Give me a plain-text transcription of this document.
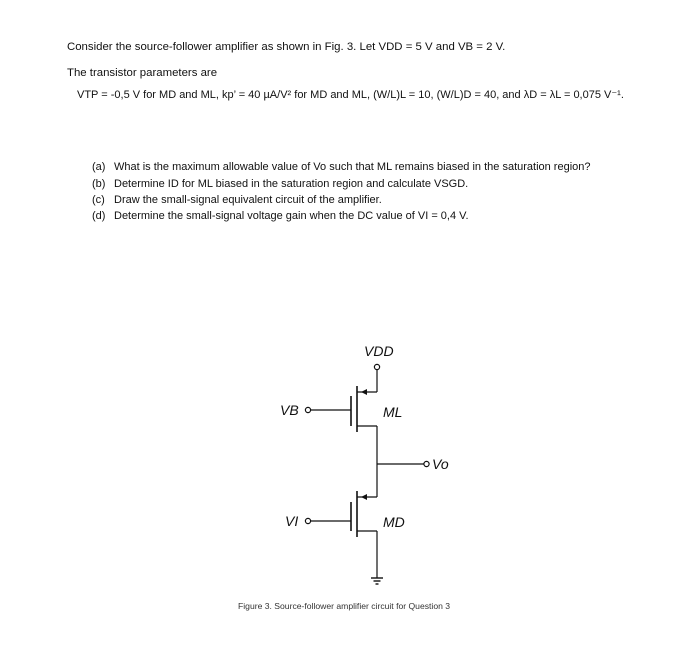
Consider the source-follower amplifier as shown in Fig. 3. Let VDD = 5 V and VB = 2 V.
The transistor parameters are
VTP = -0,5 V for MD and ML, kp’ = 40 µA/V² for MD and ML, (W/L)L = 10, (W/L)D = 40, and λD = λL = 0,075 V⁻¹.
(a) What is the maximum allowable value of Vo such that ML remains biased in the saturation region?
(b) Determine ID for ML biased in the saturation region and calculate VSGD.
(c) Draw the small-signal equivalent circuit of the amplifier.
(d) Determine the small-signal voltage gain when the DC value of VI = 0,4 V.
VDD
VB	ML
Vo
VI	MD
Figure 3. Source-follower amplifier circuit for Question 3
